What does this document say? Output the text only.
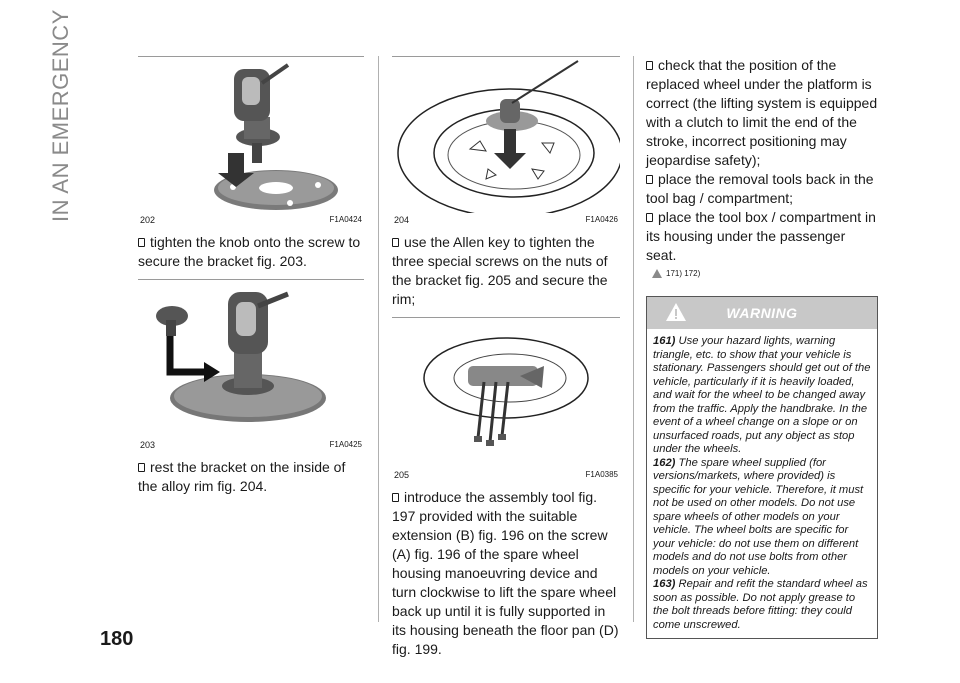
IN AN EMERGENCY
180
202	F1A0424
tighten the knob onto the screw to secure the bracket fig. 203.
203	F1A0425
rest the bracket on the inside of the alloy rim fig. 204.
204	F1A0426
use the Allen key to tighten the three special screws on the nuts of the bracket fig. 205 and secure the rim;
205	F1A0385
introduce the assembly tool fig. 197 provided with the suitable extension (B) fig. 196 on the screw (A) fig. 196 of the spare wheel housing manoeuvring device and turn clockwise to lift the spare wheel back up until it is fully supported in its housing beneath the floor pan (D) fig. 199.
check that the position of the replaced wheel under the platform is correct (the lifting system is equipped with a clutch to limit the end of the stroke, incorrect positioning may jeopardise safety);
place the removal tools back in the tool bag / compartment;
place the tool box / compartment in its housing under the passenger seat.
171) 172)
WARNING

161) Use your hazard lights, warning triangle, etc. to show that your vehicle is stationary. Passengers should get out of the vehicle, particularly if it is heavily loaded, and wait for the wheel to be changed away from the traffic. Apply the handbrake. In the event of a wheel change on a slope or on unsurfaced roads, put any object as stop under the wheels.

162) The spare wheel supplied (for versions/markets, where provided) is specific for your vehicle. Therefore, it must not be used on other models. Do not use spare wheels of other models on your vehicle. The wheel bolts are specific for your vehicle: do not use them on different models and do not use bolts from other models on your vehicle.

163) Repair and refit the standard wheel as soon as possible. Do not apply grease to the bolt threads before fitting: they could come unscrewed.
